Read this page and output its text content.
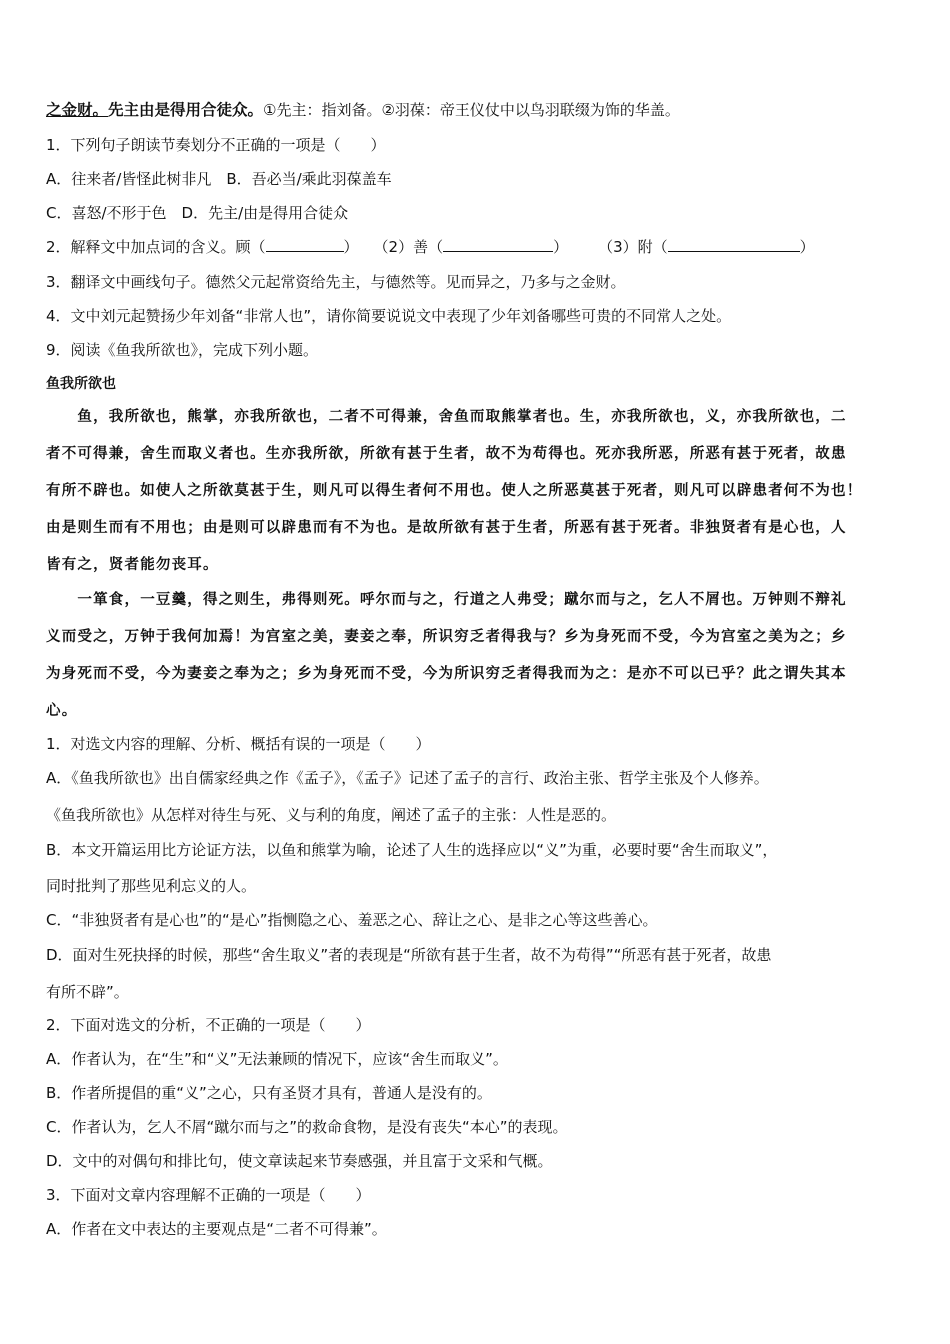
之金财。先主由是得用合徒众。①先主：指刘备。②羽葆：帝王仪仗中以鸟羽联缀为饰的华盖。
1．下列句子朗读节奏划分不正确的一项是（　　）
A．往来者/皆怪此树非凡　B．吾必当/乘此羽葆盖车
C．喜怒/不形于色　D．先主/由是得用合徒众
2．解释文中加点词的含义。顾（	）　　（2）善（	）　　　（3）附（	）
3．翻译文中画线句子。德然父元起常资给先主，与德然等。见而异之，乃多与之金财。
4．文中刘元起赞扬少年刘备“非常人也”，请你简要说说文中表现了少年刘备哪些可贵的不同常人之处。
9．阅读《鱼我所欲也》，完成下列小题。
鱼我所欲也
　　鱼，我所欲也，熊掌，亦我所欲也，二者不可得兼，舍鱼而取熊掌者也。生，亦我所欲也，义，亦我所欲也，二
者不可得兼，舍生而取义者也。生亦我所欲，所欲有甚于生者，故不为苟得也。死亦我所恶，所恶有甚于死者，故患
有所不辟也。如使人之所欲莫甚于生，则凡可以得生者何不用也。使人之所恶莫甚于死者，则凡可以辟患者何不为也！
由是则生而有不用也；由是则可以辟患而有不为也。是故所欲有甚于生者，所恶有甚于死者。非独贤者有是心也，人
皆有之，贤者能勿丧耳。
　　一箪食，一豆羹，得之则生，弗得则死。呼尔而与之，行道之人弗受；蹴尔而与之，乞人不屑也。万钟则不辩礼
义而受之，万钟于我何加焉！为宫室之美，妻妾之奉，所识穷乏者得我与？乡为身死而不受，今为宫室之美为之；乡
为身死而不受，今为妻妾之奉为之；乡为身死而不受，今为所识穷乏者得我而为之：是亦不可以已乎？此之谓失其本
心。
1．对选文内容的理解、分析、概括有误的一项是（　　）
A．《鱼我所欲也》出自儒家经典之作《孟子》，《孟子》记述了孟子的言行、政治主张、哲学主张及个人修养。
《鱼我所欲也》从怎样对待生与死、义与利的角度，阐述了孟子的主张：人性是恶的。
B．本文开篇运用比方论证方法，以鱼和熊掌为喻，论述了人生的选择应以“义”为重，必要时要“舍生而取义”，
同时批判了那些见利忘义的人。
C．“非独贤者有是心也”的“是心”指恻隐之心、羞恶之心、辞让之心、是非之心等这些善心。
D．面对生死抉择的时候，那些“舍生取义”者的表现是“所欲有甚于生者，故不为苟得”“所恶有甚于死者，故患
有所不辟”。
2．下面对选文的分析，不正确的一项是（　　）
A．作者认为，在“生”和“义”无法兼顾的情况下，应该“舍生而取义”。
B．作者所提倡的重“义”之心，只有圣贤才具有，普通人是没有的。
C．作者认为，乞人不屑“蹴尔而与之”的救命食物，是没有丧失“本心”的表现。
D．文中的对偶句和排比句，使文章读起来节奏感强，并且富于文采和气概。
3．下面对文章内容理解不正确的一项是（　　）
A．作者在文中表达的主要观点是“二者不可得兼”。
